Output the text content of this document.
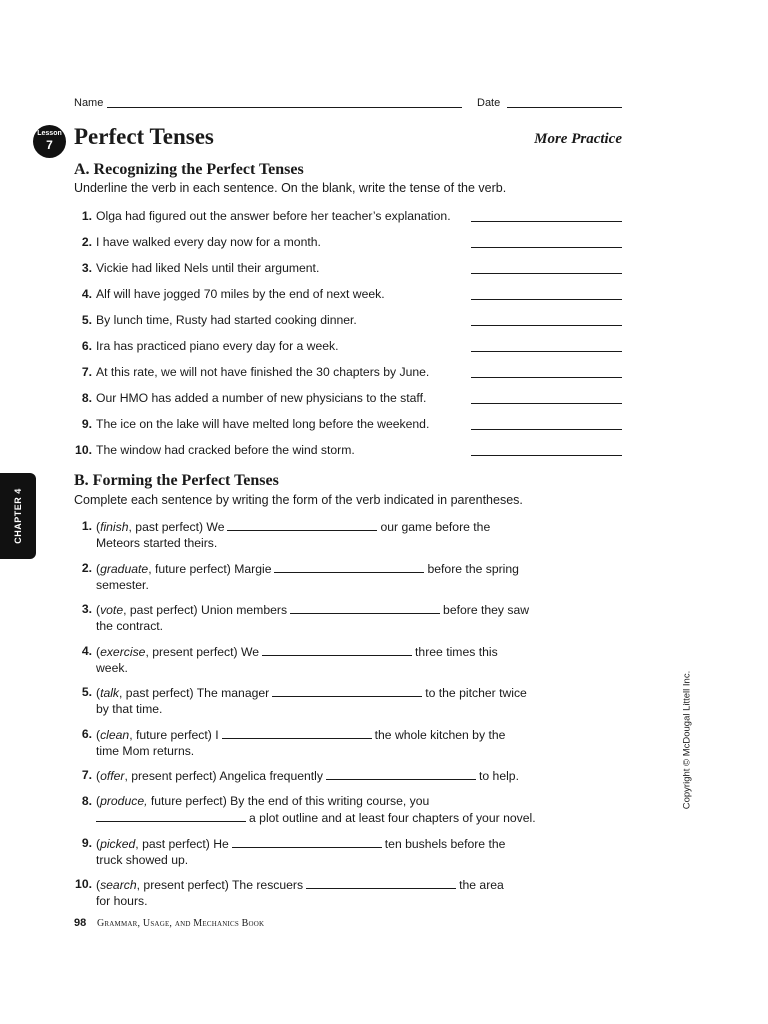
Name	Date
Lesson
7 Perfect Tenses	More Practice
A. Recognizing the Perfect Tenses
Underline the verb in each sentence. On the blank, write the tense of the verb.
1. Olga had figured out the answer before her teacher’s explanation.
2. I have walked every day now for a month.
3. Vickie had liked Nels until their argument.
4. Alf will have jogged 70 miles by the end of next week.
5. By lunch time, Rusty had started cooking dinner.
6. Ira has practiced piano every day for a week.
7. At this rate, we will not have finished the 30 chapters by June.
8. Our HMO has added a number of new physicians to the staff.
9. The ice on the lake will have melted long before the weekend.
10. The window had cracked before the wind storm.
B. Forming the Perfect Tenses
Complete each sentence by writing the form of the verb indicated in parentheses.
1. (finish, past perfect) We	our game before the
Meteors started theirs.
2. (graduate, future perfect) Margie	before the spring
semester.
3. (vote, past perfect) Union members	before they saw
the contract.
4. (exercise, present perfect) We	three times this
week.
5. (talk, past perfect) The manager	to the pitcher twice
by that time.
6. (clean, future perfect) I	the whole kitchen by the
time Mom returns.
7. (offer, present perfect) Angelica frequently	to help.
8. (produce, future perfect) By the end of this writing course, you
a plot outline and at least four chapters of your novel.
9. (picked, past perfect) He	ten bushels before the
truck showed up.
10. (search, present perfect) The rescuers	the area
for hours.
CHAPTER 4
Copyright © McDougal Littell Inc.
98 Grammar, Usage, and Mechanics Book
